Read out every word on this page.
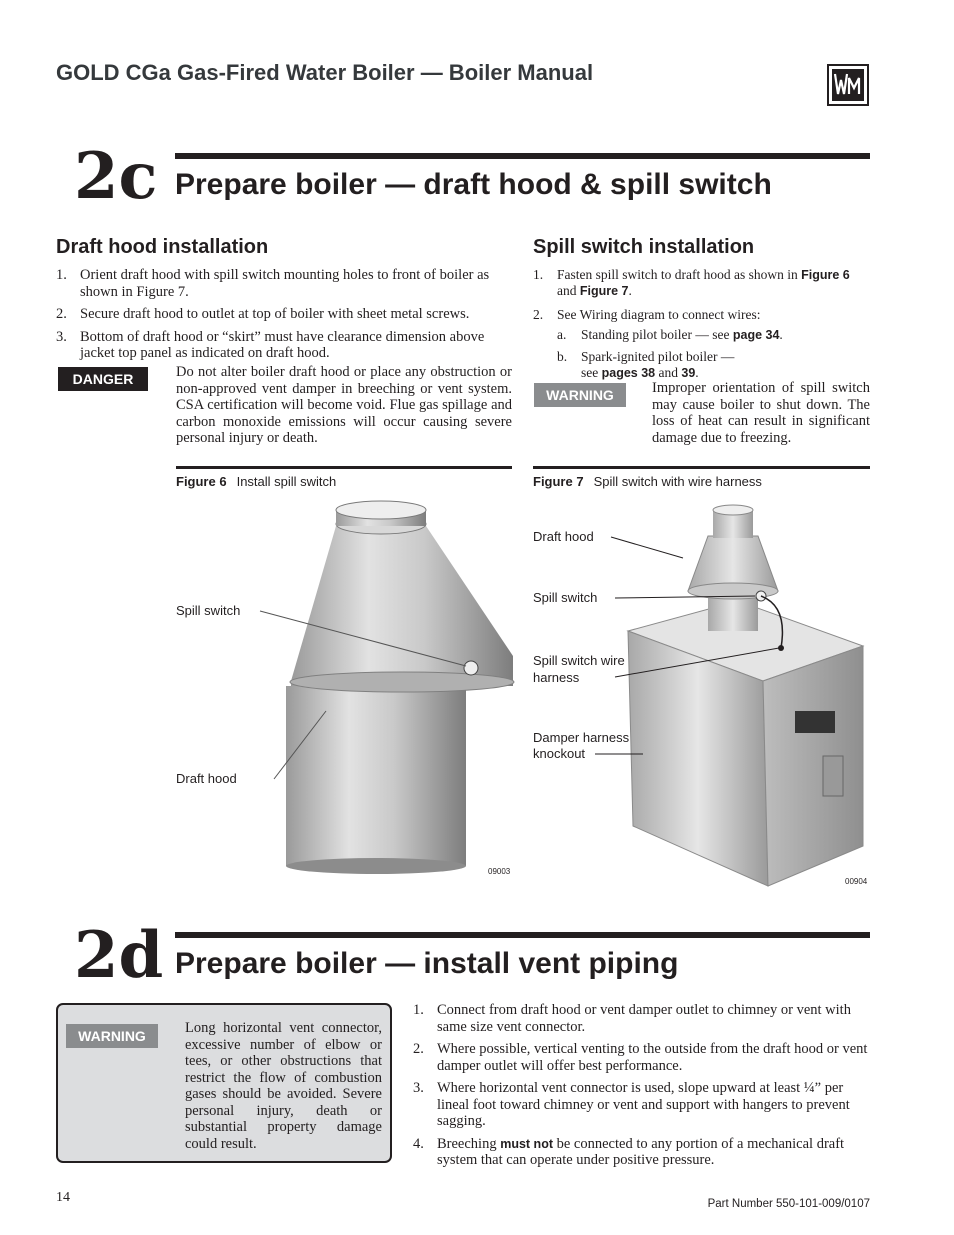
GOLD CGa Gas-Fired Water Boiler — Boiler Manual
2c Prepare boiler — draft hood & spill switch
Draft hood installation
1. Orient draft hood with spill switch mounting holes to front of boiler as shown in Figure 7.
2. Secure draft hood to outlet at top of boiler with sheet metal screws.
3. Bottom of draft hood or “skirt” must have clearance dimension above jacket top panel as indicated on draft hood.
DANGER	Do not alter boiler draft hood or place any obstruction or non-approved vent damper in breeching or vent system. CSA certification will become void. Flue gas spillage and carbon monoxide emissions will occur causing severe personal injury or death.
Spill switch installation
1. Fasten spill switch to draft hood as shown in Figure 6 and Figure 7.
2. See Wiring diagram to connect wires:
a. Standing pilot boiler — see page 34.
b. Spark-ignited pilot boiler —
see pages 38 and 39.
WARNING	Improper orientation of spill switch may cause boiler to shut down. The loss of heat can result in significant damage due to freezing.
Figure 6 Install spill switch
Spill switch
Draft hood
09003
Figure 7 Spill switch with wire harness
Draft hood
Spill switch
Spill switch wire
harness
Damper harness
knockout
00904
2d Prepare boiler — install vent piping
WARNING	Long horizontal vent connector, excessive number of elbow or tees, or other obstructions that restrict the flow of combustion gases should be avoided. Severe personal injury, death or substantial property damage could result.
1. Connect from draft hood or vent damper outlet to chimney or vent with same size vent connector.
2. Where possible, vertical venting to the outside from the draft hood or vent damper outlet will offer best performance.
3. Where horizontal vent connector is used, slope upward at least ¼” per lineal foot toward chimney or vent and support with hangers to prevent sagging.
4. Breeching must not be connected to any portion of a mechanical draft system that can operate under positive pressure.
14	Part Number 550-101-009/0107
